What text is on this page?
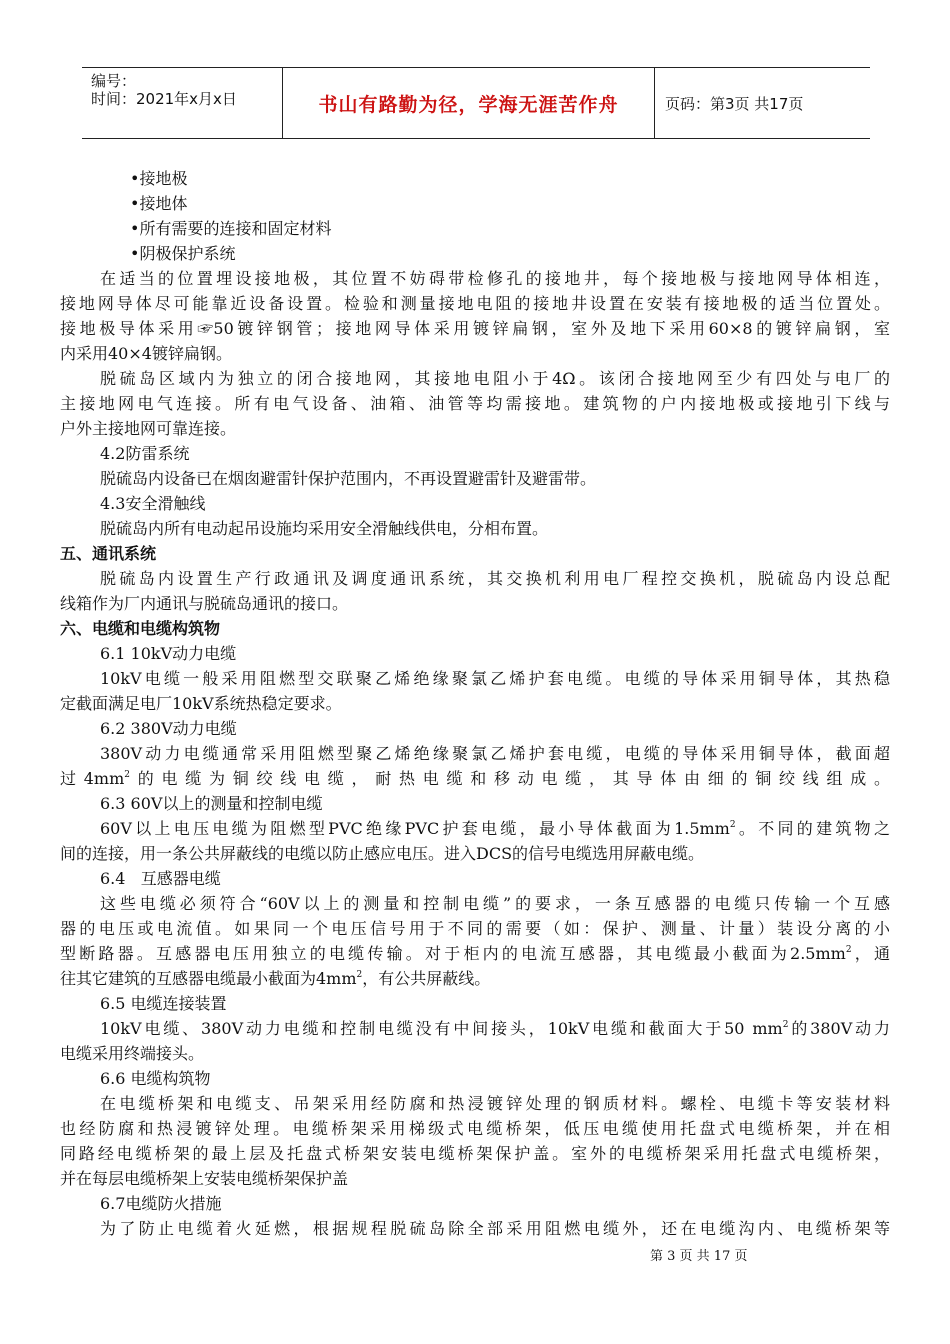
编号：
时间：2021年x月x日	书山有路勤为径，学海无涯苦作舟	页码：第3页 共17页
•接地极
•接地体
•所有需要的连接和固定材料
•阴极保护系统
在适当的位置埋设接地极，其位置不妨碍带检修孔的接地井，每个接地极与接地网导体相连，
接地网导体尽可能靠近设备设置。检验和测量接地电阻的接地井设置在安装有接地极的适当位置处。
接地极导体采用☞50镀锌钢管；接地网导体采用镀锌扁钢，室外及地下采用60×8的镀锌扁钢，室
内采用40×4镀锌扁钢。
脱硫岛区域内为独立的闭合接地网，其接地电阻小于4Ω。该闭合接地网至少有四处与电厂的
主接地网电气连接。所有电气设备、油箱、油管等均需接地。建筑物的户内接地极或接地引下线与
户外主接地网可靠连接。
4.2防雷系统
脱硫岛内设备已在烟囱避雷针保护范围内，不再设置避雷针及避雷带。
4.3安全滑触线
脱硫岛内所有电动起吊设施均采用安全滑触线供电，分相布置。
五、通讯系统
脱硫岛内设置生产行政通讯及调度通讯系统，其交换机利用电厂程控交换机，脱硫岛内设总配
线箱作为厂内通讯与脱硫岛通讯的接口。
六、电缆和电缆构筑物
6.1 10kV动力电缆
10kV电缆一般采用阻燃型交联聚乙烯绝缘聚氯乙烯护套电缆。电缆的导体采用铜导体，其热稳
定截面满足电厂10kV系统热稳定要求。
6.2 380V动力电缆
380V动力电缆通常采用阻燃型聚乙烯绝缘聚氯乙烯护套电缆，电缆的导体采用铜导体，截面超
过$4mm^2$的电缆为铜绞线电缆，耐热电缆和移动电缆，其导体由细的铜绞线组成。
6.3 60V以上的测量和控制电缆
60V以上电压电缆为阻燃型PVC绝缘PVC护套电缆，最小导体截面为$1.5mm^2$。不同的建筑物之
间的连接，用一条公共屏蔽线的电缆以防止感应电压。进入DCS的信号电缆选用屏蔽电缆。
6.4   互感器电缆
这些电缆必须符合“60V以上的测量和控制电缆”的要求，一条互感器的电缆只传输一个互感
器的电压或电流值。如果同一个电压信号用于不同的需要（如：保护、测量、计量）装设分离的小
型断路器。互感器电压用独立的电缆传输。对于柜内的电流互感器，其电缆最小截面为$2.5mm^2$，通
往其它建筑的互感器电缆最小截面为$4mm^2$，有公共屏蔽线。
6.5 电缆连接装置
10kV电缆、380V动力电缆和控制电缆没有中间接头，10kV电缆和截面大于50 $mm^2$的380V动力
电缆采用终端接头。
6.6 电缆构筑物
在电缆桥架和电缆支、吊架采用经防腐和热浸镀锌处理的钢质材料。螺栓、电缆卡等安装材料
也经防腐和热浸镀锌处理。电缆桥架采用梯级式电缆桥架，低压电缆使用托盘式电缆桥架，并在相
同路经电缆桥架的最上层及托盘式桥架安装电缆桥架保护盖。室外的电缆桥架采用托盘式电缆桥架，
并在每层电缆桥架上安装电缆桥架保护盖
6.7电缆防火措施
为了防止电缆着火延燃，根据规程脱硫岛除全部采用阻燃电缆外，还在电缆沟内、电缆桥架等
第 3 页 共 17 页
